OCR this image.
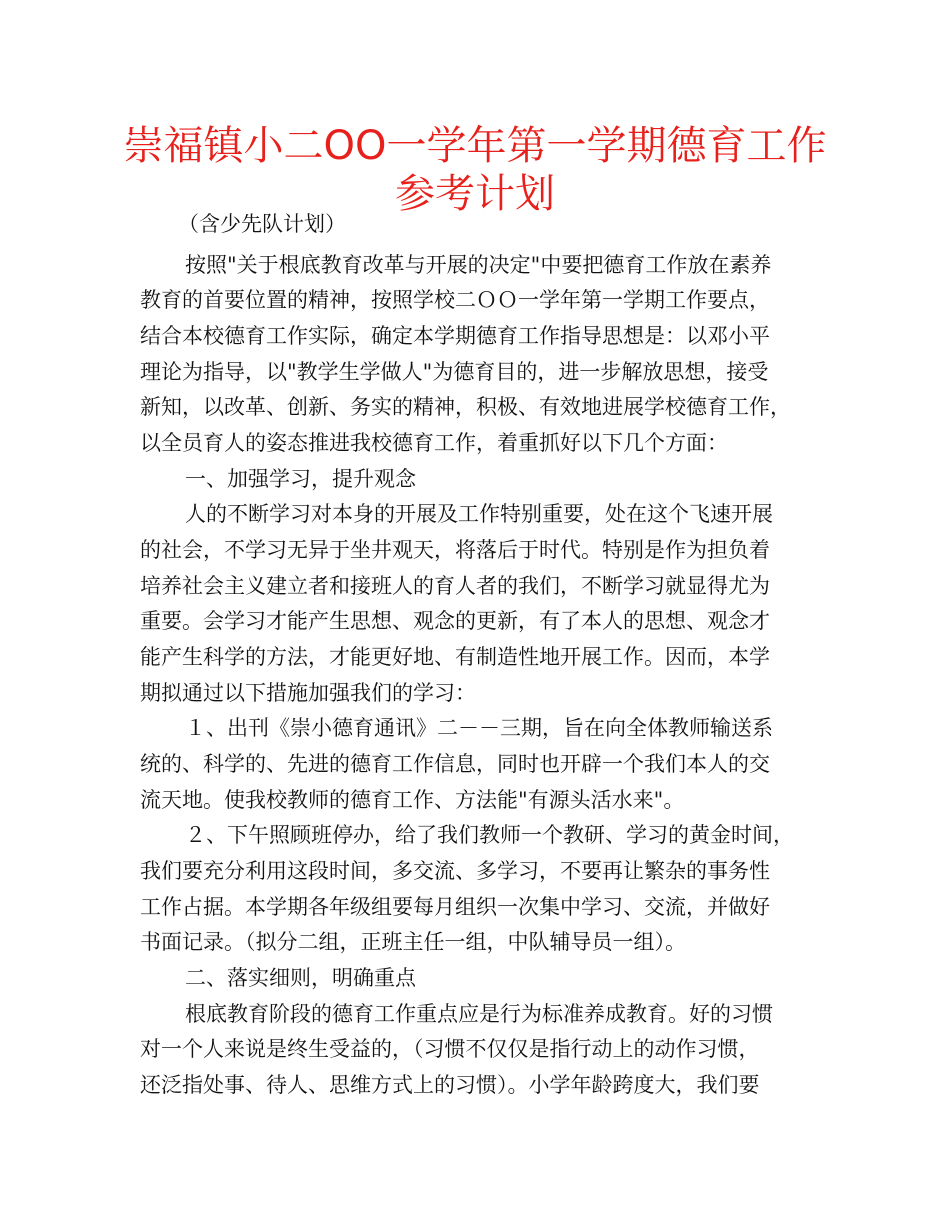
崇福镇小二OO一学年第一学期德育工作
参考计划

（含少先队计划）

按照"关于根底教育改革与开展的决定"中要把德育工作放在素养

教育的首要位置的精神，按照学校二ＯＯ一学年第一学期工作要点，

结合本校德育工作实际，确定本学期德育工作指导思想是：以邓小平

理论为指导，以"教学生学做人"为德育目的，进一步解放思想，接受

新知，以改革、创新、务实的精神，积极、有效地进展学校德育工作，

以全员育人的姿态推进我校德育工作，着重抓好以下几个方面：

一、加强学习，提升观念

人的不断学习对本身的开展及工作特别重要，处在这个飞速开展

的社会，不学习无异于坐井观天，将落后于时代。特别是作为担负着

培养社会主义建立者和接班人的育人者的我们，不断学习就显得尤为

重要。会学习才能产生思想、观念的更新，有了本人的思想、观念才

能产生科学的方法，才能更好地、有制造性地开展工作。因而，本学

期拟通过以下措施加强我们的学习：

１、出刊《崇小德育通讯》二－－三期，旨在向全体教师输送系

统的、科学的、先进的德育工作信息，同时也开辟一个我们本人的交

流天地。使我校教师的德育工作、方法能"有源头活水来"。

２、下午照顾班停办，给了我们教师一个教研、学习的黄金时间，

我们要充分利用这段时间，多交流、多学习，不要再让繁杂的事务性

工作占据。本学期各年级组要每月组织一次集中学习、交流，并做好

书面记录。（拟分二组，正班主任一组，中队辅导员一组）。

二、落实细则，明确重点

根底教育阶段的德育工作重点应是行为标准养成教育。好的习惯

对一个人来说是终生受益的，（习惯不仅仅是指行动上的动作习惯，

还泛指处事、待人、思维方式上的习惯）。小学年龄跨度大，我们要
